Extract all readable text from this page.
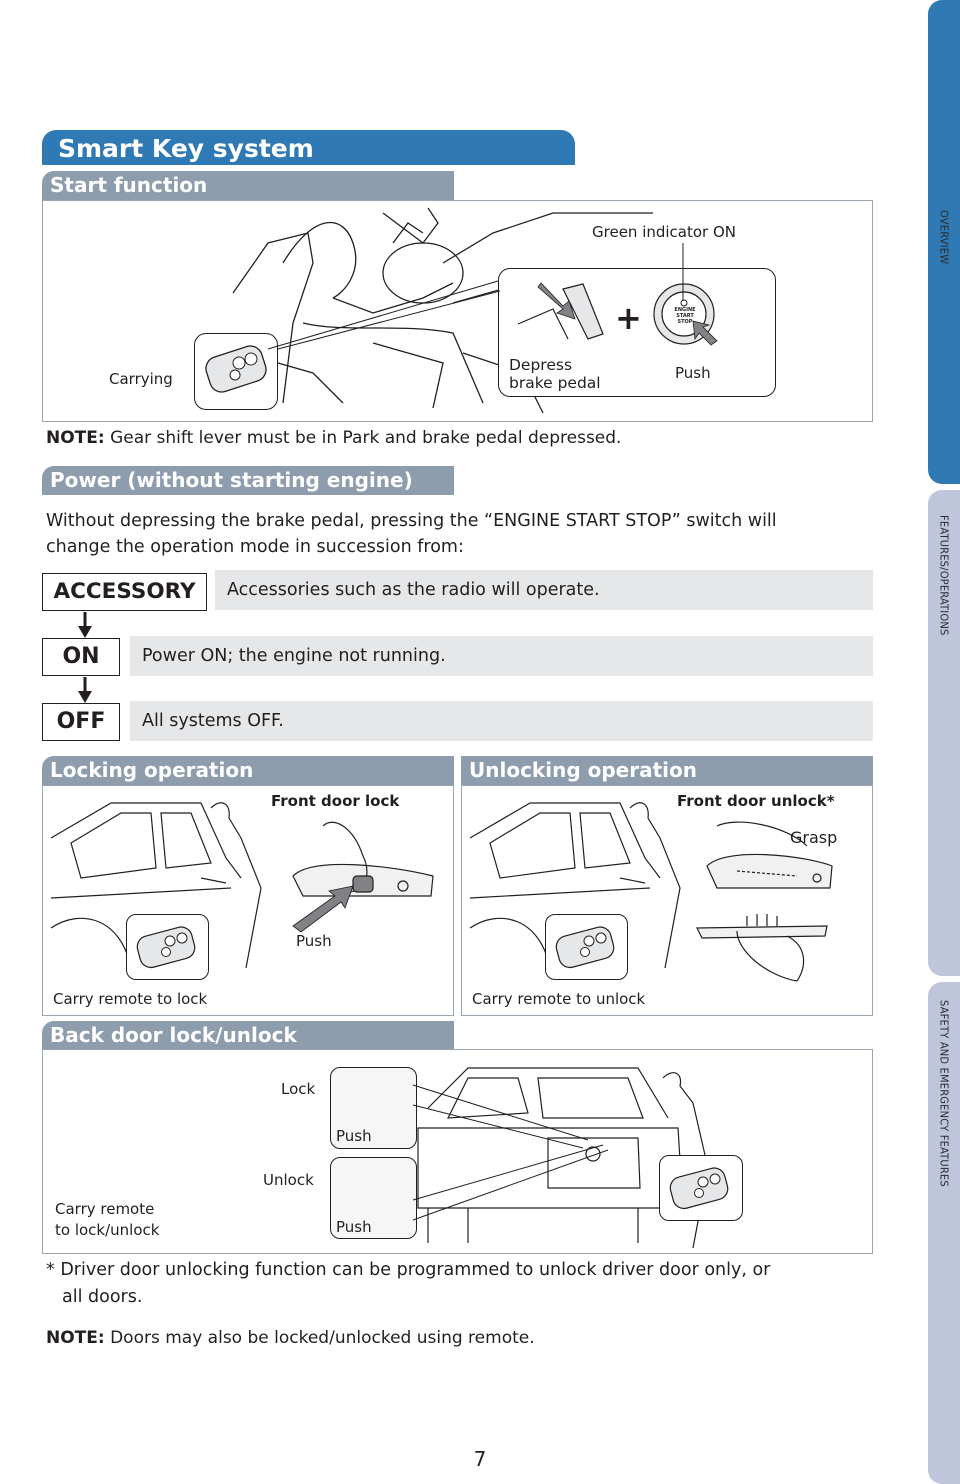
OVERVIEW
FEATURES/OPERATIONS
SAFETY AND EMERGENCY FEATURES
Smart Key system
Start function
Carrying
+	ENGINE
START
STOP
Green indicator ON
Depress
brake pedal
Push
NOTE: Gear shift lever must be in Park and brake pedal depressed.
Power (without starting engine)
Without depressing the brake pedal, pressing the “ENGINE START STOP” switch will
change the operation mode in succession from:
Accessories such as the radio will operate.
ACCESSORY
Power ON; the engine not running.
ON
All systems OFF.
OFF
Locking operation	Unlocking operation
Front door lock
Push
Carry remote to lock
Front door unlock*
Grasp
Carry remote to unlock
Back door lock/unlock
Lock
Push
Unlock
Push
Carry remote
to lock/unlock
* Driver door unlocking function can be programmed to unlock driver door only, or
all doors.
NOTE: Doors may also be locked/unlocked using remote.
7
